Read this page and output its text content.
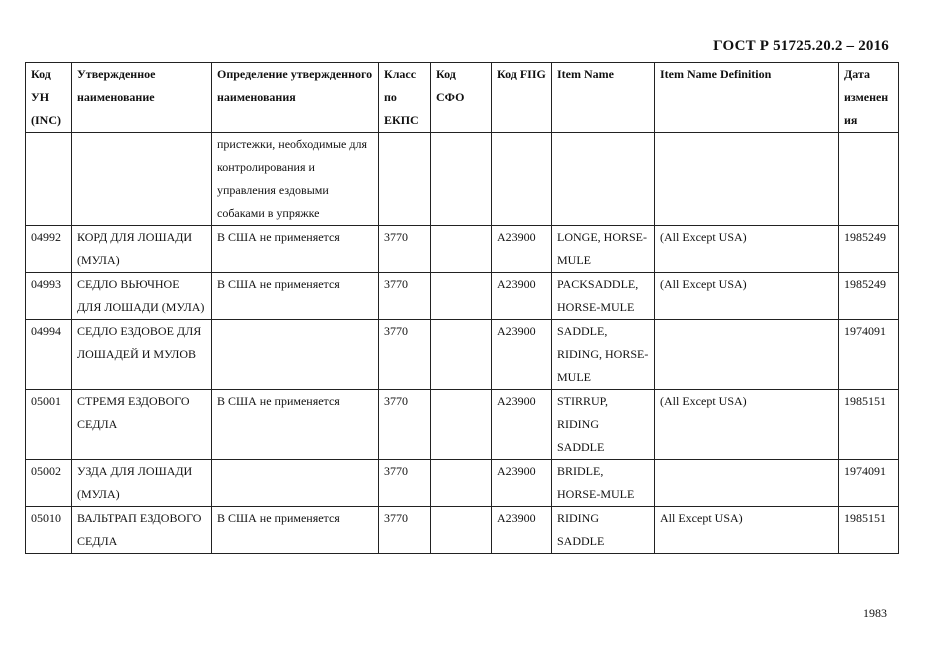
ГОСТ Р 51725.20.2 – 2016
Код УН (INC)	Утвержденное наименование	Определение утвержденного наименования	Класс по ЕКПС	Код СФО	Код FIIG	Item Name	Item Name Definition	Дата изменения
		пристежки, необходимые для контролирования и управления ездовыми собаками в упряжке						
04992	КОРД ДЛЯ ЛОШАДИ (МУЛА)	В США не применяется	3770		A23900	LONGE, HORSE-MULE	(All Except USA)	1985249
04993	СЕДЛО ВЬЮЧНОЕ ДЛЯ ЛОШАДИ (МУЛА)	В США не применяется	3770		A23900	PACKSADDLE, HORSE-MULE	(All Except USA)	1985249
04994	СЕДЛО ЕЗДОВОЕ ДЛЯ ЛОШАДЕЙ И МУЛОВ		3770		A23900	SADDLE, RIDING, HORSE-MULE		1974091
05001	СТРЕМЯ ЕЗДОВОГО СЕДЛА	В США не применяется	3770		A23900	STIRRUP, RIDING SADDLE	(All Except USA)	1985151
05002	УЗДА ДЛЯ ЛОШАДИ (МУЛА)		3770		A23900	BRIDLE, HORSE-MULE		1974091
05010	ВАЛЬТРАП ЕЗДОВОГО СЕДЛА	В США не применяется	3770		A23900	RIDING SADDLE	All Except USA)	1985151
1983
